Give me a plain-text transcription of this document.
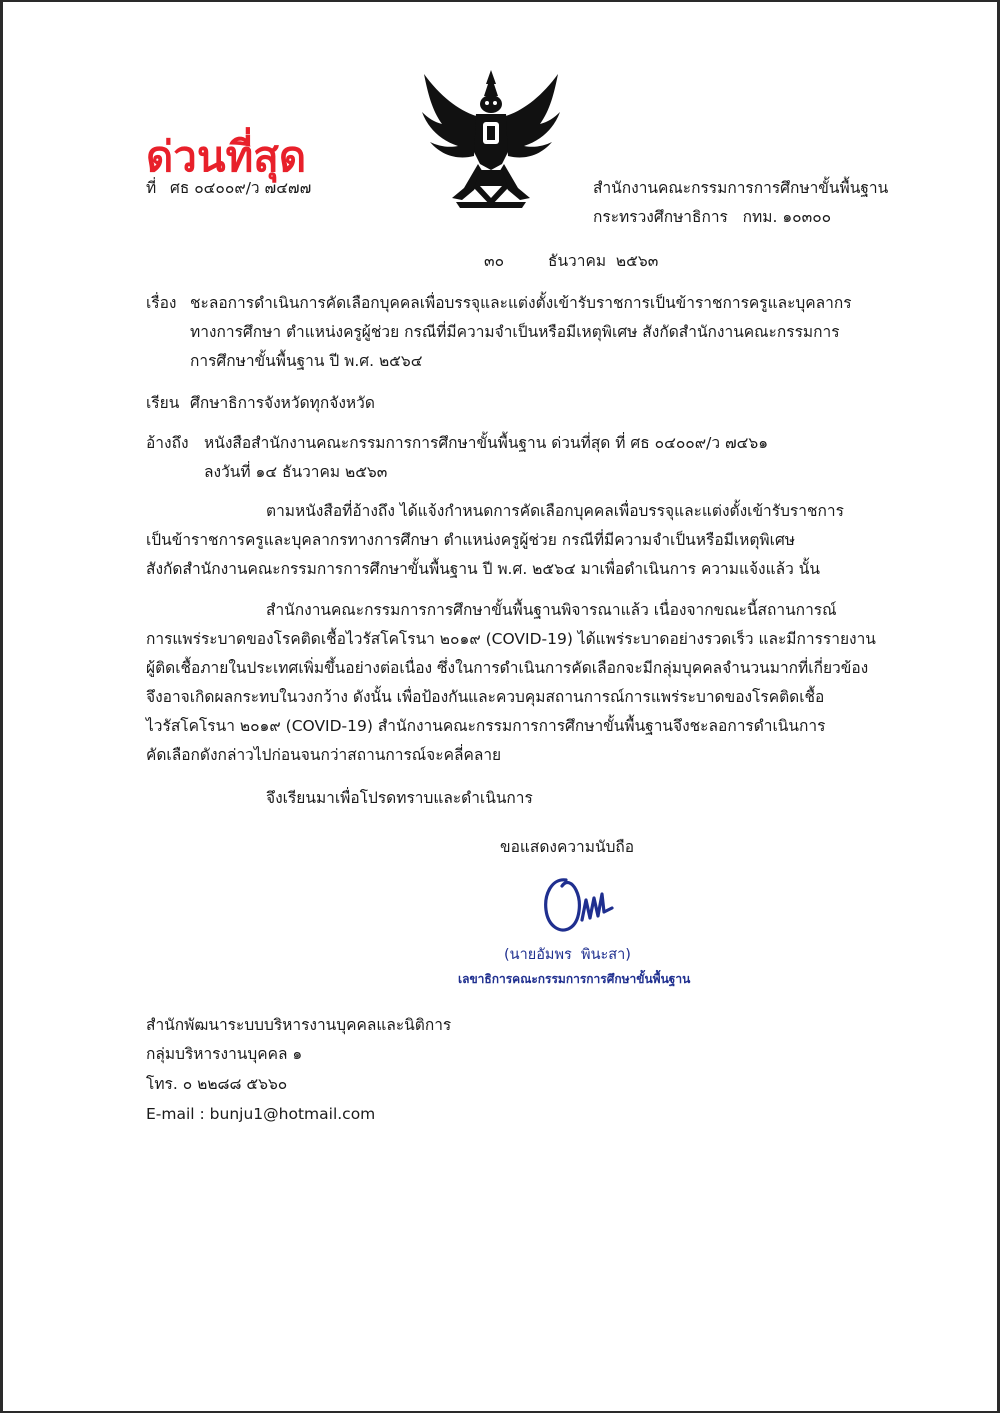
ด่วนที่สุด
ที่ ศธ ๐๔๐๐๙/ว ๗๔๗๗	สำนักงานคณะกรรมการการศึกษาขั้นพื้นฐาน
กระทรวงศึกษาธิการ   กทม. ๑๐๓๐๐
๓๐	ธันวาคม  ๒๕๖๓
เรื่อง ชะลอการดำเนินการคัดเลือกบุคคลเพื่อบรรจุและแต่งตั้งเข้ารับราชการเป็นข้าราชการครูและบุคลากร
ทางการศึกษา ตำแหน่งครูผู้ช่วย กรณีที่มีความจำเป็นหรือมีเหตุพิเศษ สังกัดสำนักงานคณะกรรมการ
การศึกษาขั้นพื้นฐาน ปี พ.ศ. ๒๕๖๔
เรียน ศึกษาธิการจังหวัดทุกจังหวัด
อ้างถึง หนังสือสำนักงานคณะกรรมการการศึกษาขั้นพื้นฐาน ด่วนที่สุด ที่ ศธ ๐๔๐๐๙/ว ๗๔๖๑
ลงวันที่ ๑๔ ธันวาคม ๒๕๖๓
ตามหนังสือที่อ้างถึง ได้แจ้งกำหนดการคัดเลือกบุคคลเพื่อบรรจุและแต่งตั้งเข้ารับราชการ
เป็นข้าราชการครูและบุคลากรทางการศึกษา ตำแหน่งครูผู้ช่วย กรณีที่มีความจำเป็นหรือมีเหตุพิเศษ
สังกัดสำนักงานคณะกรรมการการศึกษาขั้นพื้นฐาน ปี พ.ศ. ๒๕๖๔ มาเพื่อดำเนินการ ความแจ้งแล้ว นั้น
สำนักงานคณะกรรมการการศึกษาขั้นพื้นฐานพิจารณาแล้ว เนื่องจากขณะนี้สถานการณ์
การแพร่ระบาดของโรคติดเชื้อไวรัสโคโรนา ๒๐๑๙ (COVID-19) ได้แพร่ระบาดอย่างรวดเร็ว และมีการรายงาน
ผู้ติดเชื้อภายในประเทศเพิ่มขึ้นอย่างต่อเนื่อง ซึ่งในการดำเนินการคัดเลือกจะมีกลุ่มบุคคลจำนวนมากที่เกี่ยวข้อง
จึงอาจเกิดผลกระทบในวงกว้าง ดังนั้น เพื่อป้องกันและควบคุมสถานการณ์การแพร่ระบาดของโรคติดเชื้อ
ไวรัสโคโรนา ๒๐๑๙ (COVID-19) สำนักงานคณะกรรมการการศึกษาขั้นพื้นฐานจึงชะลอการดำเนินการ
คัดเลือกดังกล่าวไปก่อนจนกว่าสถานการณ์จะคลี่คลาย
จึงเรียนมาเพื่อโปรดทราบและดำเนินการ
ขอแสดงความนับถือ
(นายอัมพร  พินะสา)
เลขาธิการคณะกรรมการการศึกษาขั้นพื้นฐาน
สำนักพัฒนาระบบบริหารงานบุคคลและนิติการ
กลุ่มบริหารงานบุคคล ๑
โทร. ๐ ๒๒๘๘ ๕๖๖๐
E-mail : bunju1@hotmail.com
